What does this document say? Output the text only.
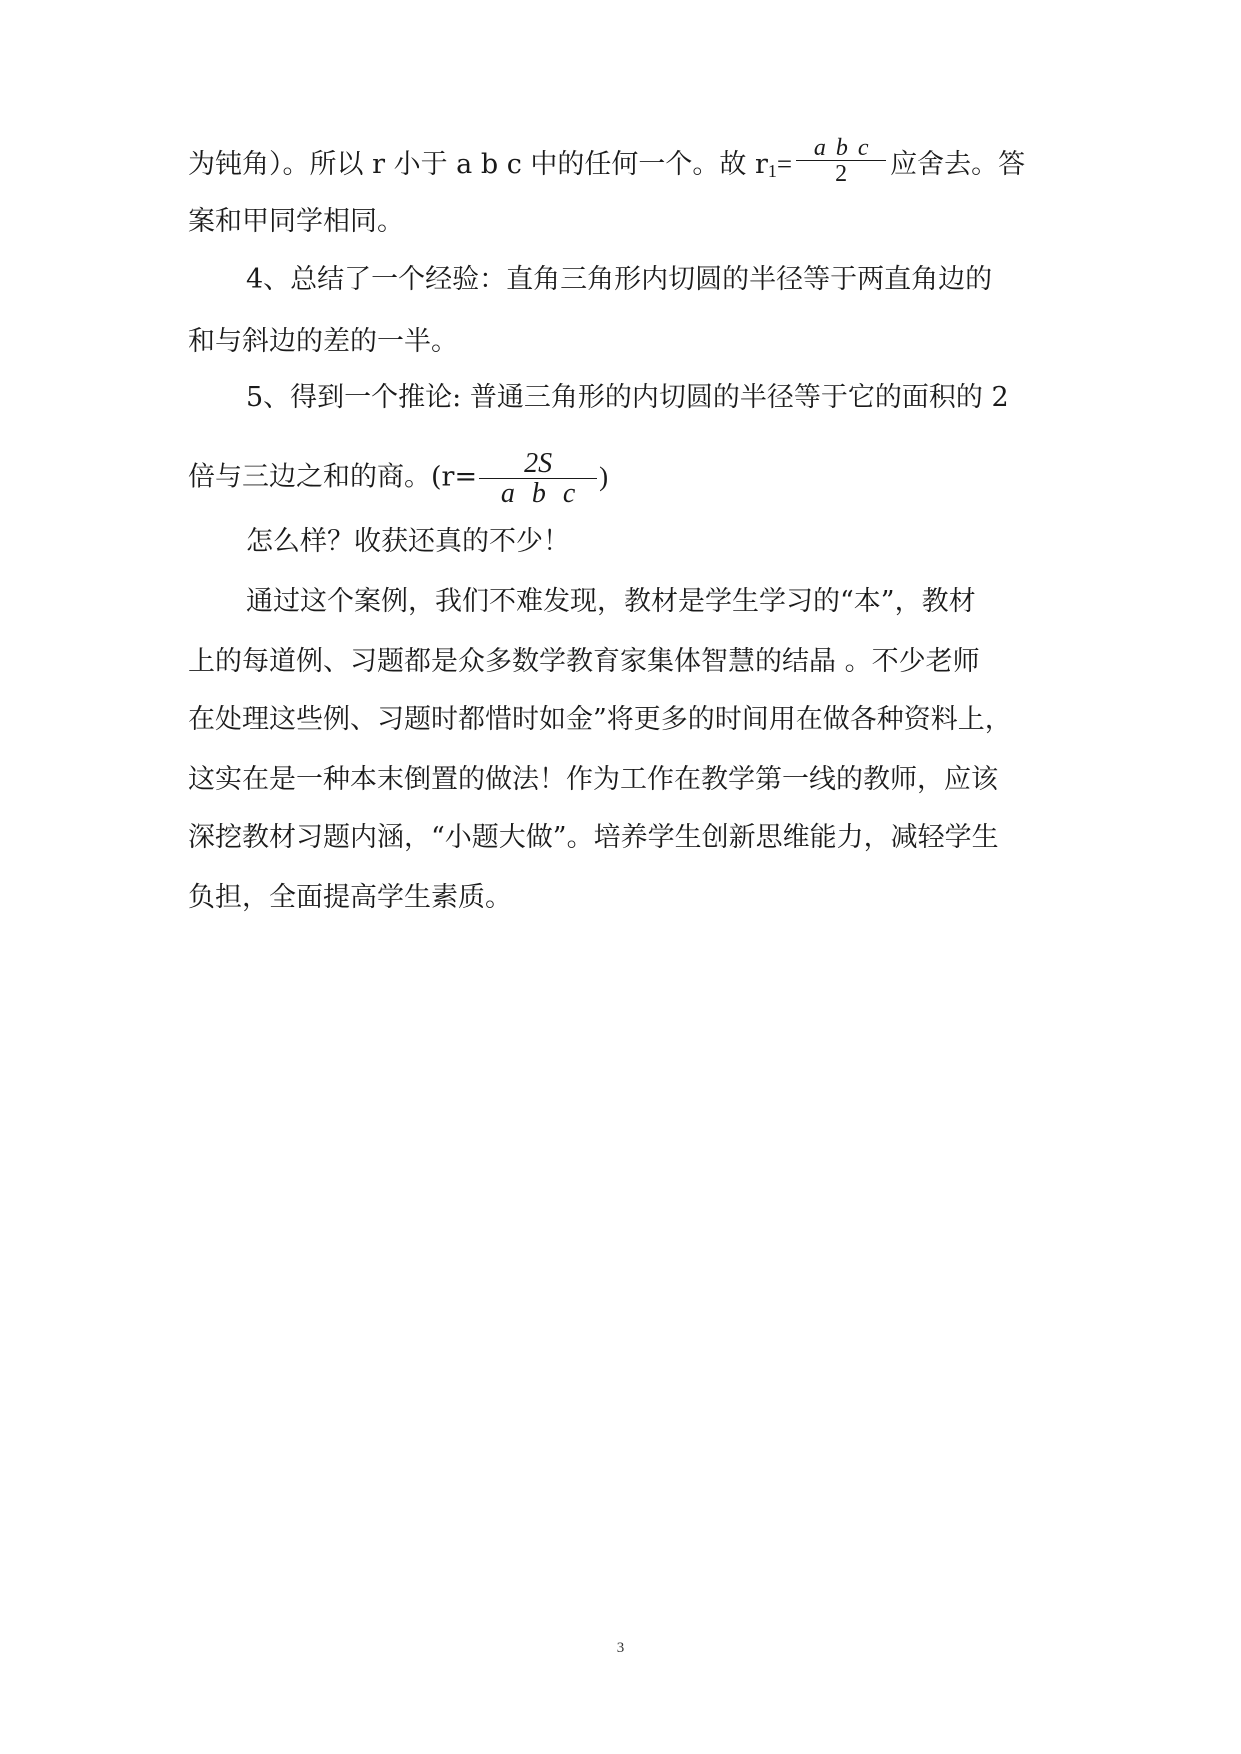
为钝角）。所以 r 小于 a b c 中的任何一个。故 $r_1= \frac{\text{a b c}}{2}$ 应舍去。答
案和甲同学相同。
4、总结了一个经验：直角三角形内切圆的半径等于两直角边的
和与斜边的差的一半。
5、得到一个推论: 普通三角形的内切圆的半径等于它的面积的 2
倍与三边之和的商。($r= \frac{2S}{\text{a b c}}$ )
怎么样？收获还真的不少！
通过这个案例，我们不难发现，教材是学生学习的“本”，教材
上的每道例、习题都是众多数学教育家集体智慧的结晶 。不少老师
在处理这些例、习题时都惜时如金”将更多的时间用在做各种资料上，
这实在是一种本末倒置的做法！作为工作在教学第一线的教师，应该
深挖教材习题内涵，“小题大做”。培养学生创新思维能力，减轻学生
负担，全面提高学生素质。
3
